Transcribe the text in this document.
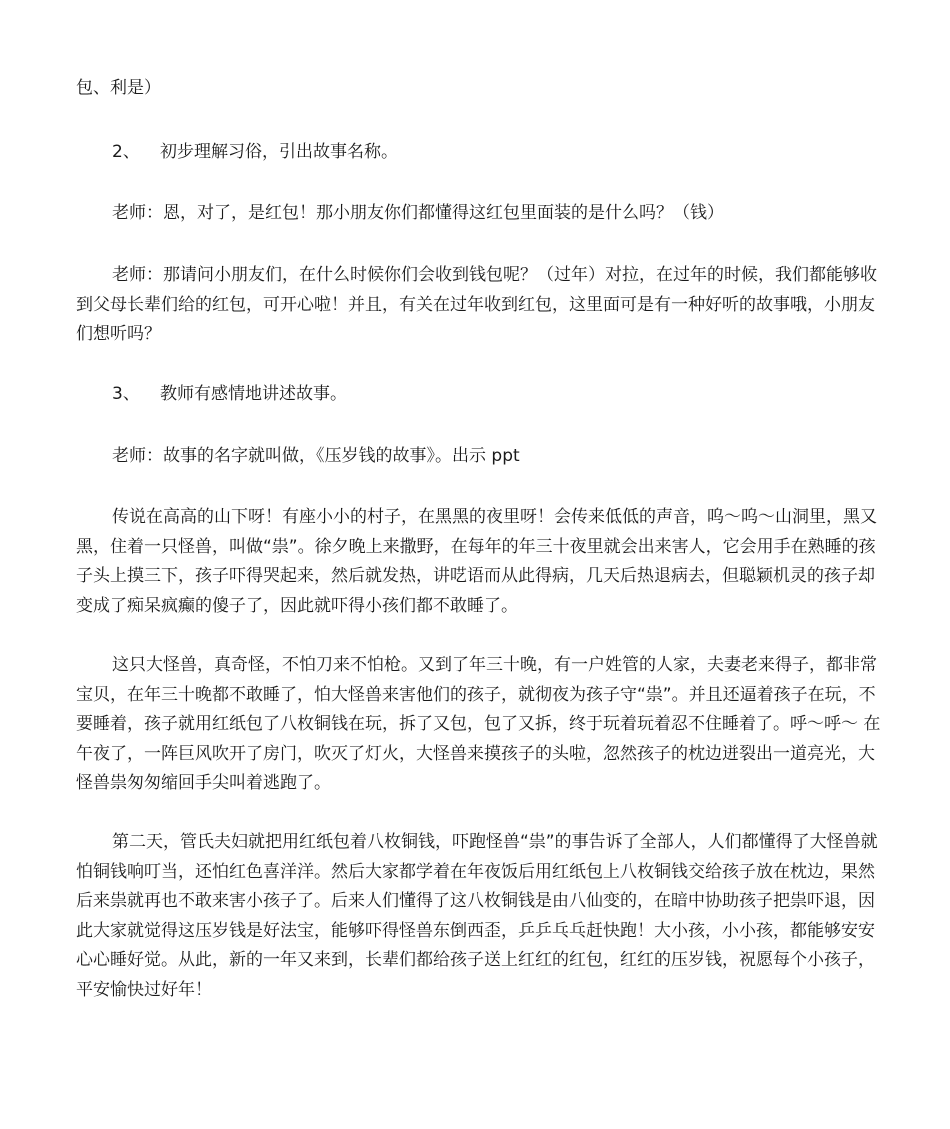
包、利是）

2、 初步理解习俗，引出故事名称。

老师：恩，对了，是红包！那小朋友你们都懂得这红包里面装的是什么吗？（钱）

老师：那请问小朋友们，在什么时候你们会收到钱包呢？（过年）对拉，在过年的时候，我们都能够收到父母长辈们给的红包，可开心啦！并且，有关在过年收到红包，这里面可是有一种好听的故事哦，小朋友们想听吗？

3、 教师有感情地讲述故事。

老师：故事的名字就叫做，《压岁钱的故事》。出示 ppt

传说在高高的山下呀！有座小小的村子，在黑黑的夜里呀！会传来低低的声音，呜～呜～山洞里，黑又黑，住着一只怪兽，叫做“祟”。徐夕晚上来撒野，在每年的年三十夜里就会出来害人，它会用手在熟睡的孩子头上摸三下，孩子吓得哭起来，然后就发热，讲呓语而从此得病，几天后热退病去，但聪颖机灵的孩子却变成了痴呆疯癫的傻子了，因此就吓得小孩们都不敢睡了。

这只大怪兽，真奇怪，不怕刀来不怕枪。又到了年三十晚，有一户姓管的人家，夫妻老来得子，都非常宝贝，在年三十晚都不敢睡了，怕大怪兽来害他们的孩子，就彻夜为孩子守“祟”。并且还逼着孩子在玩，不要睡着，孩子就用红纸包了八枚铜钱在玩，拆了又包，包了又拆，终于玩着玩着忍不住睡着了。呼～呼～ 在午夜了，一阵巨风吹开了房门，吹灭了灯火，大怪兽来摸孩子的头啦，忽然孩子的枕边迸裂出一道亮光，大怪兽祟匆匆缩回手尖叫着逃跑了。

第二天，管氏夫妇就把用红纸包着八枚铜钱，吓跑怪兽“祟”的事告诉了全部人，人们都懂得了大怪兽就怕铜钱响叮当，还怕红色喜洋洋。然后大家都学着在年夜饭后用红纸包上八枚铜钱交给孩子放在枕边，果然后来祟就再也不敢来害小孩子了。后来人们懂得了这八枚铜钱是由八仙变的，在暗中协助孩子把祟吓退，因此大家就觉得这压岁钱是好法宝，能够吓得怪兽东倒西歪，乒乒乓乓赶快跑！大小孩，小小孩，都能够安安心心睡好觉。从此，新的一年又来到，长辈们都给孩子送上红红的红包，红红的压岁钱，祝愿每个小孩子，平安愉快过好年！
